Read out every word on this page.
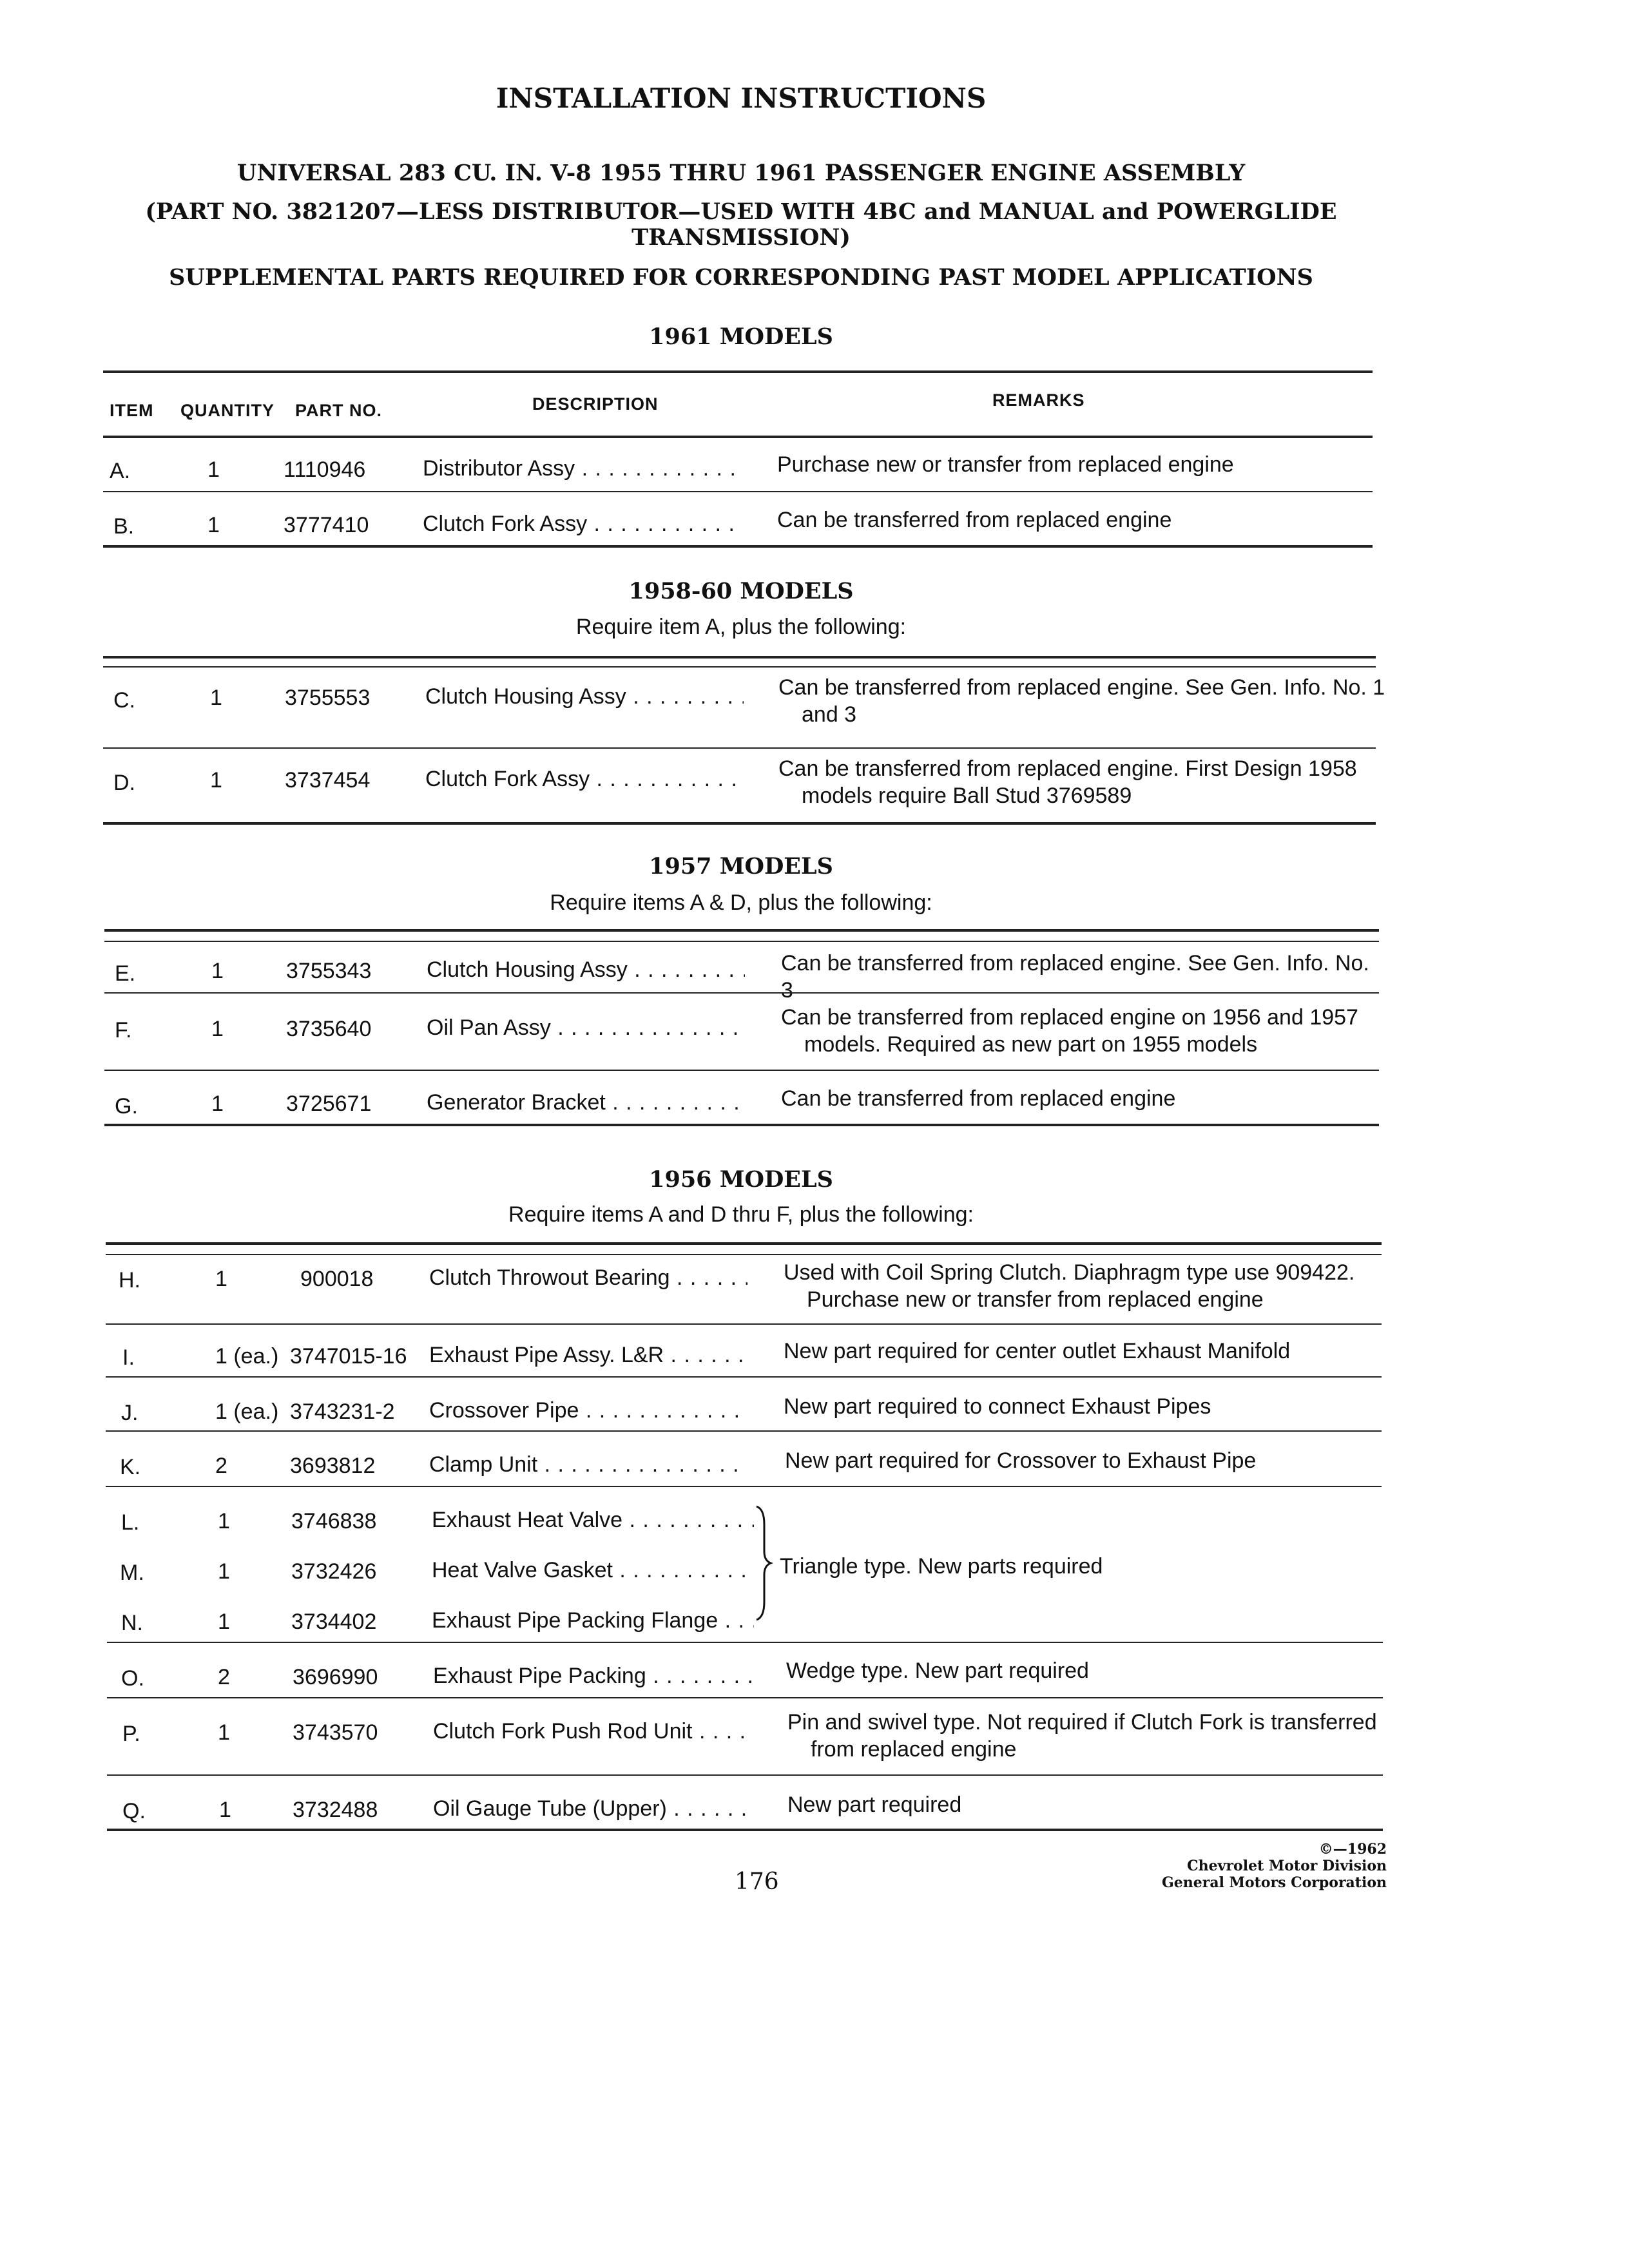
INSTALLATION INSTRUCTIONS
UNIVERSAL 283 CU. IN. V-8 1955 THRU 1961 PASSENGER ENGINE ASSEMBLY
(PART NO. 3821207—LESS DISTRIBUTOR—USED WITH 4BC and MANUAL and POWERGLIDE
TRANSMISSION)
SUPPLEMENTAL PARTS REQUIRED FOR CORRESPONDING PAST MODEL APPLICATIONS
1961 MODELS
ITEM QUANTITY PART NO.	DESCRIPTION	REMARKS
A.	1	1110946	Distributor Assy . . .	Purchase new or transfer from replaced engine
B.	1	3777410 Clutch Fork Assy . . .	Can be transferred from replaced engine
1958-60 MODELS
Require item A, plus the following:
C.	1	3755553	Clutch Housing Assy . . .	Can be transferred from replaced engine. See Gen. Info. No. 1 and 3
D.	1	3737454	Clutch Fork Assy . . .	Can be transferred from replaced engine. First Design 1958 models require Ball Stud 3769589
1957 MODELS
Require items A & D, plus the following:
E.	1	3755343	Clutch Housing Assy . . .	Can be transferred from replaced engine. See Gen. Info. No. 3
F.	1	3735640	Oil Pan Assy . . .	Can be transferred from replaced engine on 1956 and 1957 models. Required as new part on 1955 models
G.	1	3725671	Generator Bracket . . .	Can be transferred from replaced engine
1956 MODELS
Require items A and D thru F, plus the following:
H.	1	900018	Clutch Throwout Bearing . . .	Used with Coil Spring Clutch. Diaphragm type use 909422. Purchase new or transfer from replaced engine
I.	1 (ea.) 3747015-16 Exhaust Pipe Assy. L&R . . .	New part required for center outlet Exhaust Manifold
J.	1 (ea.) 3743231-2 Crossover Pipe . . .	New part required to connect Exhaust Pipes
K.	2	3693812 Clamp Unit . . .	New part required for Crossover to Exhaust Pipe
L.	1	3746838	Exhaust Heat Valve . . .
M.	1	3732426	Heat Valve Gasket . . .
N.	1	3734402	Exhaust Pipe Packing Flange . . .
Triangle type. New parts required
O.	2	3696990	Exhaust Pipe Packing . . .	Wedge type. New part required
P.	1	3743570	Clutch Fork Push Rod Unit . . .	Pin and swivel type. Not required if Clutch Fork is transferred from replaced engine
Q.	1	3732488	Oil Gauge Tube (Upper) . . .	New part required
176
©—1962
Chevrolet Motor Division
General Motors Corporation
